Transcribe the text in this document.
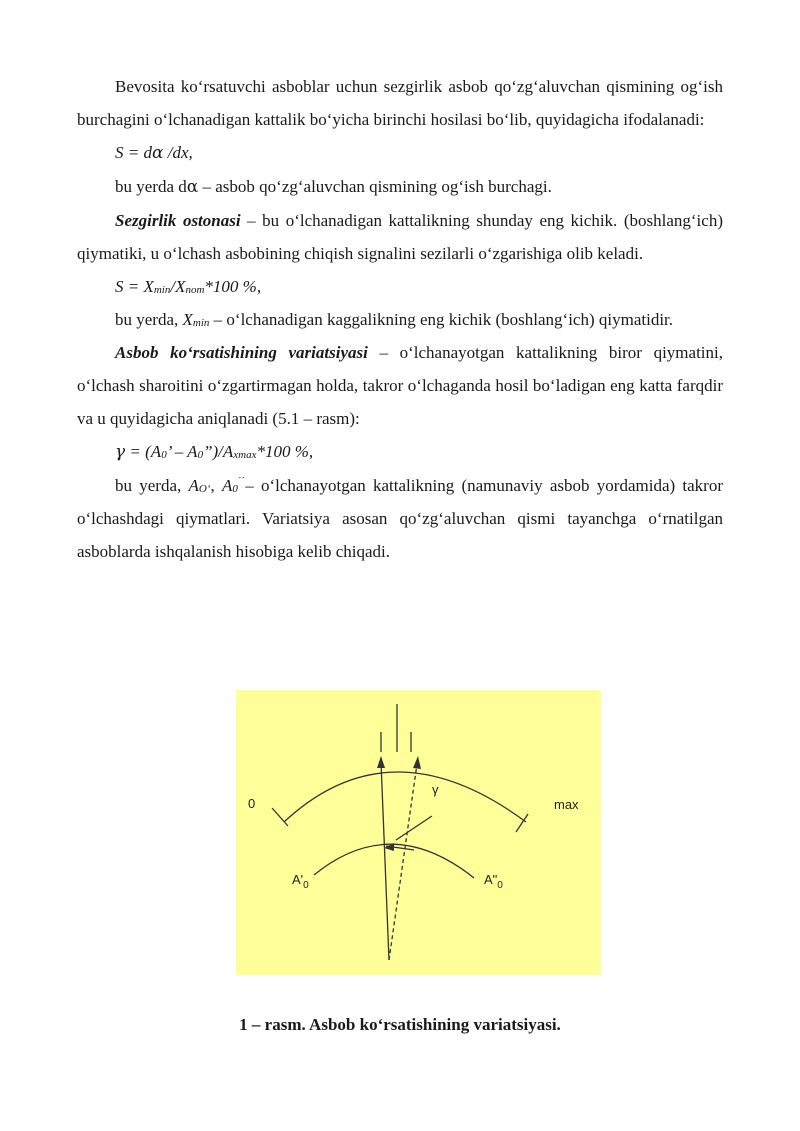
Bevosita ko‘rsatuvchi asboblar uchun sezgirlik asbob qo‘zg‘aluvchan qismining og‘ish burchagini o‘lchanadigan kattalik bo‘yicha birinchi hosilasi bo‘lib, quyidagicha ifodalanadi:

S = dα /dx,

bu yerda dα – asbob qo‘zg‘aluvchan qismining og‘ish burchagi.

Sezgirlik ostonasi – bu o‘lchanadigan kattalikning shunday eng kichik. (boshlang‘ich) qiymatiki, u o‘lchash asbobining chiqish signalini sezilarli o‘zgarishiga olib keladi.

$S = X_{min}/X_{nom}*100$ %,

bu yerda, $X_{min}$ – o‘lchanadigan kaggalikning eng kichik (boshlang‘ich) qiymatidir.

Asbob ko‘rsatishining variatsiyasi – o‘lchanayotgan kattalikning biror qiymatini, o‘lchash sharoitini o‘zgartirmagan holda, takror o‘lchaganda hosil bo‘ladigan eng katta farqdir va u quyidagicha aniqlanadi (5.1 – rasm):

$\gamma = (A_0$’ – $A_0”)/A_{xmax}*100$ %,

bu yerda, $A_{O‘}$, $A_0^{´´}-$ o‘lchanayotgan kattalikning (namunaviy asbob yordamida) takror o‘lchashdagi qiymatlari. Variatsiya asosan qo‘zg‘aluvchan qismi tayanchga o‘rnatilgan asboblarda ishqalanish hisobiga kelib chiqadi.

0	max
γ
$A'_0$	$A"_0$
1 – rasm. Asbob ko‘rsatishining variatsiyasi.
